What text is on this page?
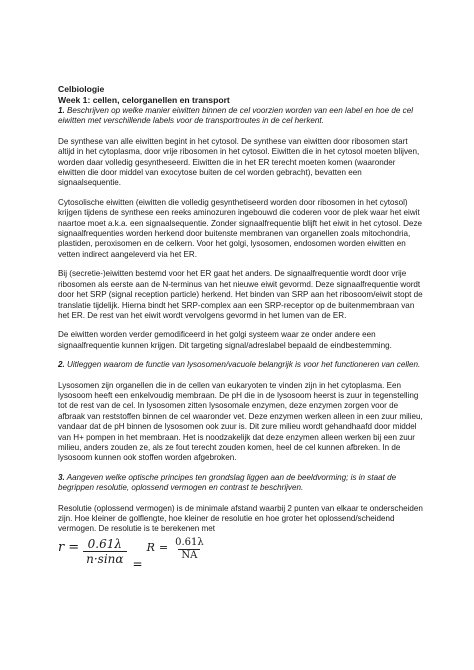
Celbiologie
Week 1: cellen, celorganellen en transport
1. Beschrijven op welke manier eiwitten binnen de cel voorzien worden van een label en hoe de cel eiwitten met verschillende labels voor de transportroutes in de cel herkent.

De synthese van alle eiwitten begint in het cytosol. De synthese van eiwitten door ribosomen start altijd in het cytoplasma, door vrije ribosomen in het cytosol. Eiwitten die in het cytosol moeten blijven, worden daar volledig gesyntheseerd. Eiwitten die in het ER terecht moeten komen (waaronder eiwitten die door middel van exocytose buiten de cel worden gebracht), bevatten een signaalsequentie.

Cytosolische eiwitten (eiwitten die volledig gesynthetiseerd worden door ribosomen in het cytosol) krijgen tijdens de synthese een reeks aminozuren ingebouwd die coderen voor de plek waar het eiwit naartoe moet a.k.a. een signaalsequentie. Zonder signaalfrequentie blijft het eiwit in het cytosol. Deze signaalfrequenties worden herkend door buitenste membranen van organellen zoals mitochondria, plastiden, peroxisomen en de celkern. Voor het golgi, lysosomen, endosomen worden eiwitten en vetten indirect aangeleverd via het ER.

Bij (secretie-)eiwitten bestemd voor het ER gaat het anders. De signaalfrequentie wordt door vrije ribosomen als eerste aan de N-terminus van het nieuwe eiwit gevormd. Deze signaalfrequentie wordt door het SRP (signal reception particle) herkend. Het binden van SRP aan het ribosoom/eiwit stopt de translatie tijdelijk. Hierna bindt het SRP-complex aan een SRP-receptor op de buitenmembraan van het ER. De rest van het eiwit wordt vervolgens gevormd in het lumen van de ER.

De eiwitten worden verder gemodificeerd in het golgi systeem waar ze onder andere een signaalfrequentie kunnen krijgen. Dit targeting signal/adreslabel bepaald de eindbestemming.

2. Uitleggen waarom de functie van lysosomen/vacuole belangrijk is voor het functioneren van cellen.

Lysosomen zijn organellen die in de cellen van eukaryoten te vinden zijn in het cytoplasma. Een lysosoom heeft een enkelvoudig membraan. De pH die in de lysosoom heerst is zuur in tegenstelling tot de rest van de cel. In lysosomen zitten lysosomale enzymen, deze enzymen zorgen voor de afbraak van reststoffen binnen de cel waaronder vet. Deze enzymen werken alleen in een zuur milieu, vandaar dat de pH binnen de lysosomen ook zuur is. Dit zure milieu wordt gehandhaafd door middel van H+ pompen in het membraan. Het is noodzakelijk dat deze enzymen alleen werken bij een zuur milieu, anders zouden ze, als ze fout terecht zouden komen, heel de cel kunnen afbreken. In de lysosoom kunnen ook stoffen worden afgebroken.

3. Aangeven welke optische principes ten grondslag liggen aan de beeldvorming; is in staat de begrippen resolutie, oplossend vermogen en contrast te beschrijven.

Resolutie (oplossend vermogen) is de minimale afstand waarbij 2 punten van elkaar te onderscheiden zijn. Hoe kleiner de golflengte, hoe kleiner de resolutie en hoe groter het oplossend/scheidend vermogen. De resolutie is te berekenen met

$r = \frac{0.61\lambda}{n\cdot\sin\alpha}$ =
$R = \frac{0.61\lambda}{NA}$
